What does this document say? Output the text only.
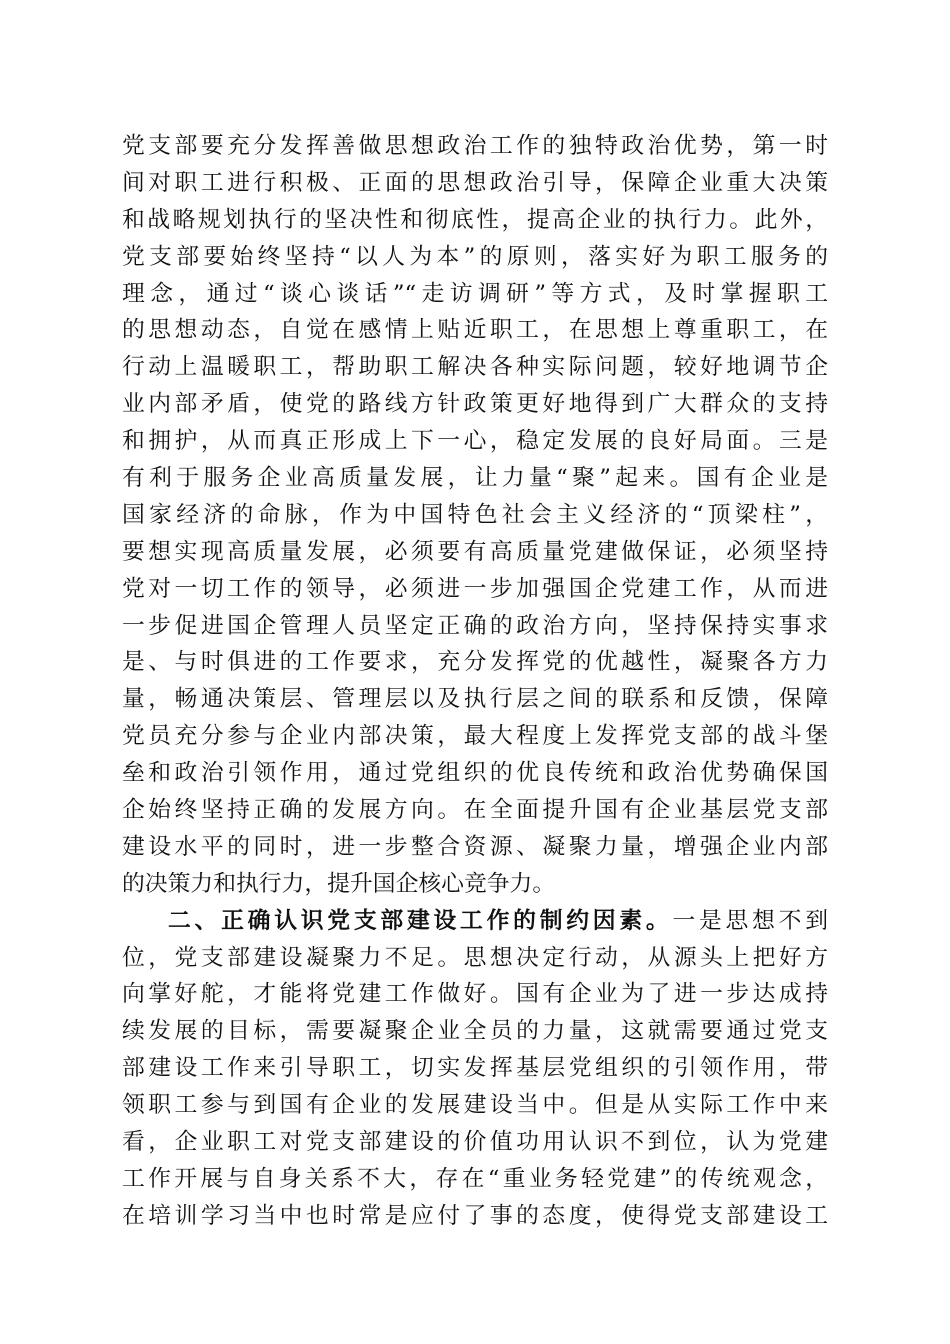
党支部要充分发挥善做思想政治工作的独特政治优势，第一时
间对职工进行积极、正面的思想政治引导，保障企业重大决策
和战略规划执行的坚决性和彻底性，提高企业的执行力。此外，
党支部要始终坚持“以人为本”的原则，落实好为职工服务的
理念，通过“谈心谈话”“走访调研”等方式，及时掌握职工
的思想动态，自觉在感情上贴近职工，在思想上尊重职工，在
行动上温暖职工，帮助职工解决各种实际问题，较好地调节企
业内部矛盾，使党的路线方针政策更好地得到广大群众的支持
和拥护，从而真正形成上下一心，稳定发展的良好局面。三是
有利于服务企业高质量发展，让力量“聚”起来。国有企业是
国家经济的命脉，作为中国特色社会主义经济的“顶梁柱”，
要想实现高质量发展，必须要有高质量党建做保证，必须坚持
党对一切工作的领导，必须进一步加强国企党建工作，从而进
一步促进国企管理人员坚定正确的政治方向，坚持保持实事求
是、与时俱进的工作要求，充分发挥党的优越性，凝聚各方力
量，畅通决策层、管理层以及执行层之间的联系和反馈，保障
党员充分参与企业内部决策，最大程度上发挥党支部的战斗堡
垒和政治引领作用，通过党组织的优良传统和政治优势确保国
企始终坚持正确的发展方向。在全面提升国有企业基层党支部
建设水平的同时，进一步整合资源、凝聚力量，增强企业内部
的决策力和执行力，提升国企核心竞争力。
二、正确认识党支部建设工作的制约因素。一是思想不到
位，党支部建设凝聚力不足。思想决定行动，从源头上把好方
向掌好舵，才能将党建工作做好。国有企业为了进一步达成持
续发展的目标，需要凝聚企业全员的力量，这就需要通过党支
部建设工作来引导职工，切实发挥基层党组织的引领作用，带
领职工参与到国有企业的发展建设当中。但是从实际工作中来
看，企业职工对党支部建设的价值功用认识不到位，认为党建
工作开展与自身关系不大，存在“重业务轻党建”的传统观念，
在培训学习当中也时常是应付了事的态度，使得党支部建设工
